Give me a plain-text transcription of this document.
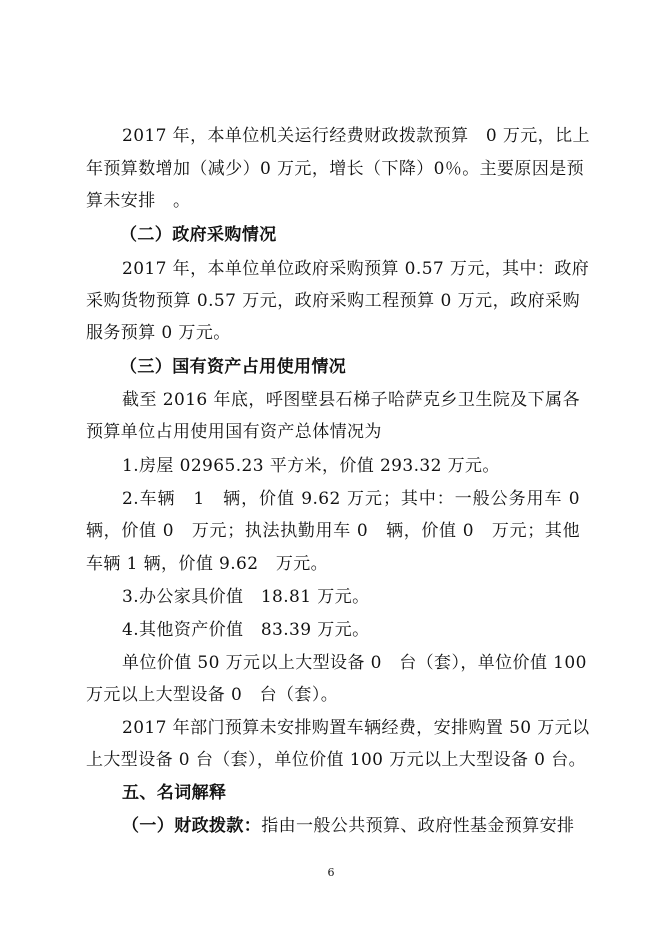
2017 年，本单位机关运行经费财政拨款预算　0 万元，比上
年预算数增加（减少）0 万元，增长（下降）0％。主要原因是预
算未安排　。
（二）政府采购情况
2017 年，本单位单位政府采购预算 0.57 万元，其中：政府
采购货物预算 0.57 万元，政府采购工程预算 0 万元，政府采购
服务预算 0 万元。
（三）国有资产占用使用情况
截至 2016 年底，呼图壁县石梯子哈萨克乡卫生院及下属各
预算单位占用使用国有资产总体情况为
1.房屋 02965.23 平方米，价值 293.32 万元。
2.车辆　1　辆，价值 9.62 万元；其中：一般公务用车 0
辆，价值 0　万元；执法执勤用车 0　辆，价值 0　万元；其他
车辆 1 辆，价值 9.62　万元。
3.办公家具价值　18.81 万元。
4.其他资产价值　83.39 万元。
单位价值 50 万元以上大型设备 0　台（套），单位价值 100
万元以上大型设备 0　台（套）。
2017 年部门预算未安排购置车辆经费，安排购置 50 万元以
上大型设备 0 台（套），单位价值 100 万元以上大型设备 0 台。
五、名词解释
（一）财政拨款：指由一般公共预算、政府性基金预算安排
6
